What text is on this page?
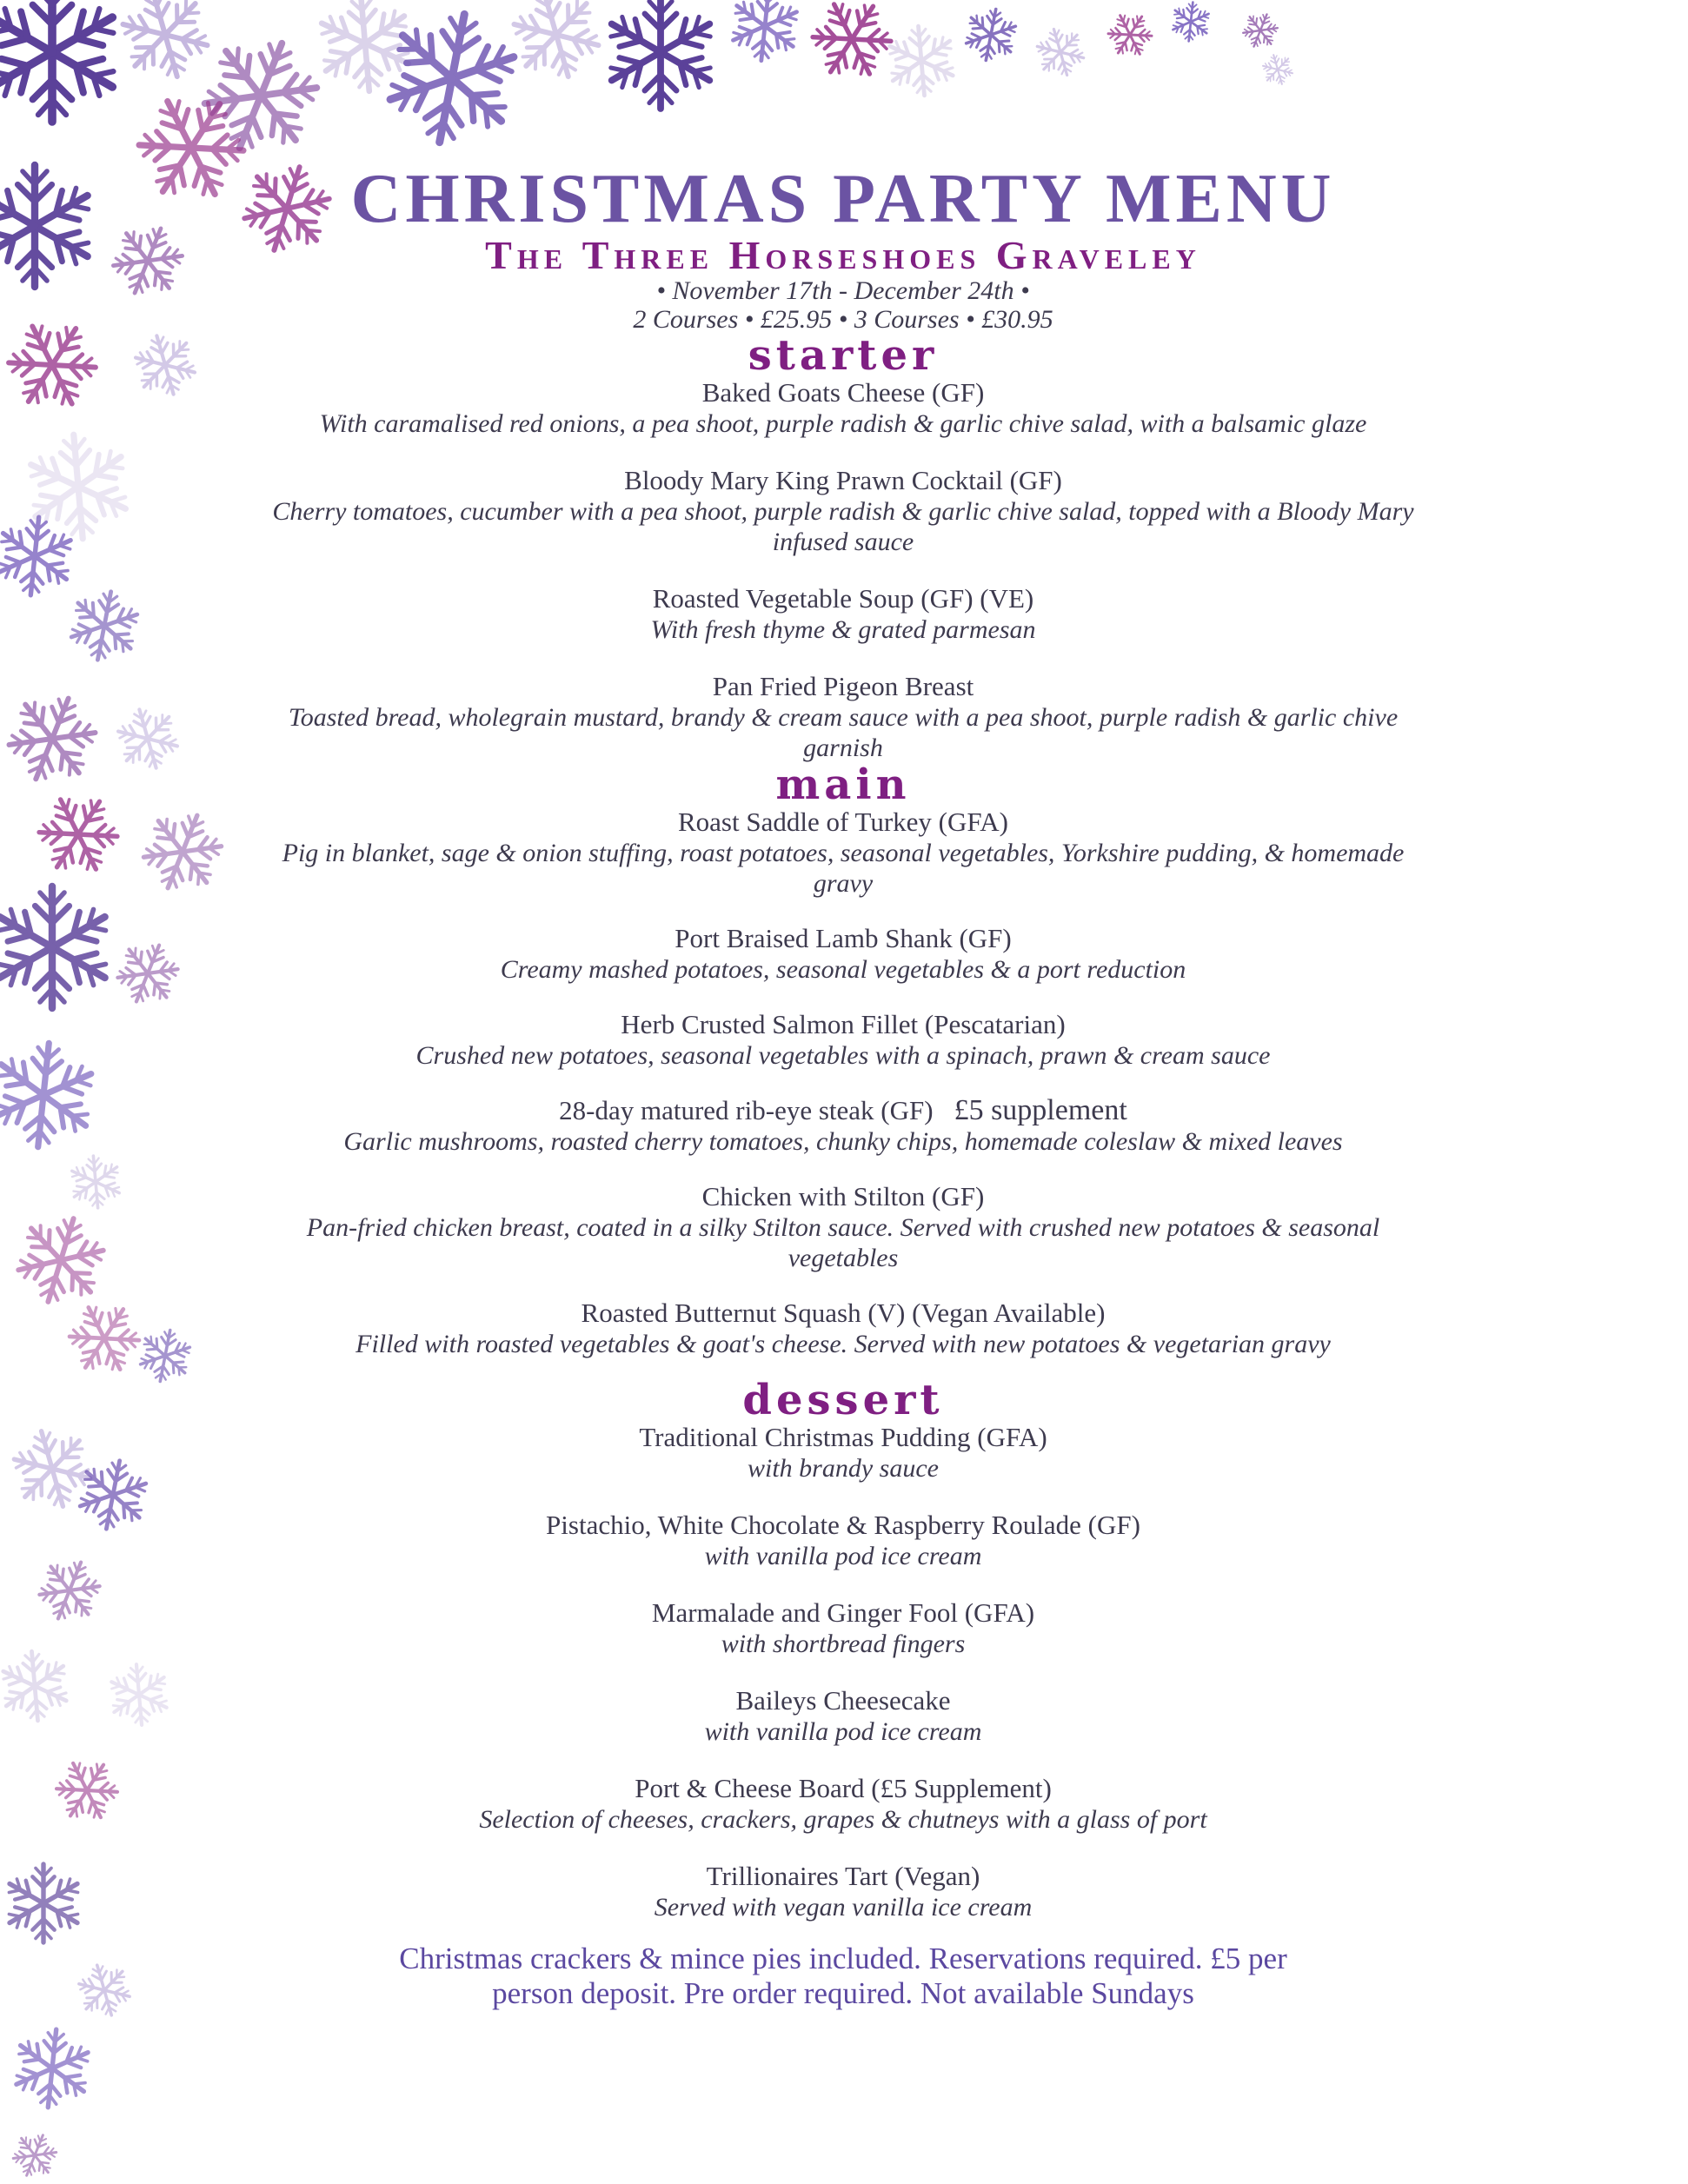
CHRISTMAS PARTY MENU
The Three Horseshoes Graveley

• November 17th - December 24th •

2 Courses • £25.95 • 3 Courses • £30.95

starter
Baked Goats Cheese (GF)
With caramalised red onions, a pea shoot, purple radish & garlic chive salad, with a balsamic glaze
Bloody Mary King Prawn Cocktail (GF)
Cherry tomatoes, cucumber with a pea shoot, purple radish & garlic chive salad, topped with a Bloody Mary infused sauce
Roasted Vegetable Soup (GF) (VE)
With fresh thyme & grated parmesan
Pan Fried Pigeon Breast
Toasted bread, wholegrain mustard, brandy & cream sauce with a pea shoot, purple radish & garlic chive garnish
main
Roast Saddle of Turkey (GFA)
Pig in blanket, sage & onion stuffing, roast potatoes, seasonal vegetables, Yorkshire pudding, & homemade gravy
Port Braised Lamb Shank (GF)
Creamy mashed potatoes, seasonal vegetables & a port reduction
Herb Crusted Salmon Fillet (Pescatarian)
Crushed new potatoes, seasonal vegetables with a spinach, prawn & cream sauce
28-day matured rib-eye steak (GF) £5 supplement
Garlic mushrooms, roasted cherry tomatoes, chunky chips, homemade coleslaw & mixed leaves
Chicken with Stilton (GF)
Pan-fried chicken breast, coated in a silky Stilton sauce. Served with crushed new potatoes & seasonal vegetables
Roasted Butternut Squash (V) (Vegan Available)
Filled with roasted vegetables & goat's cheese. Served with new potatoes & vegetarian gravy
dessert
Traditional Christmas Pudding (GFA)
with brandy sauce
Pistachio, White Chocolate & Raspberry Roulade (GF)
with vanilla pod ice cream
Marmalade and Ginger Fool (GFA)
with shortbread fingers
Baileys Cheesecake
with vanilla pod ice cream
Port & Cheese Board (£5 Supplement)
Selection of cheeses, crackers, grapes & chutneys with a glass of port
Trillionaires Tart (Vegan)
Served with vegan vanilla ice cream

Christmas crackers & mince pies included. Reservations required. £5 per

person deposit. Pre order required. Not available Sundays
